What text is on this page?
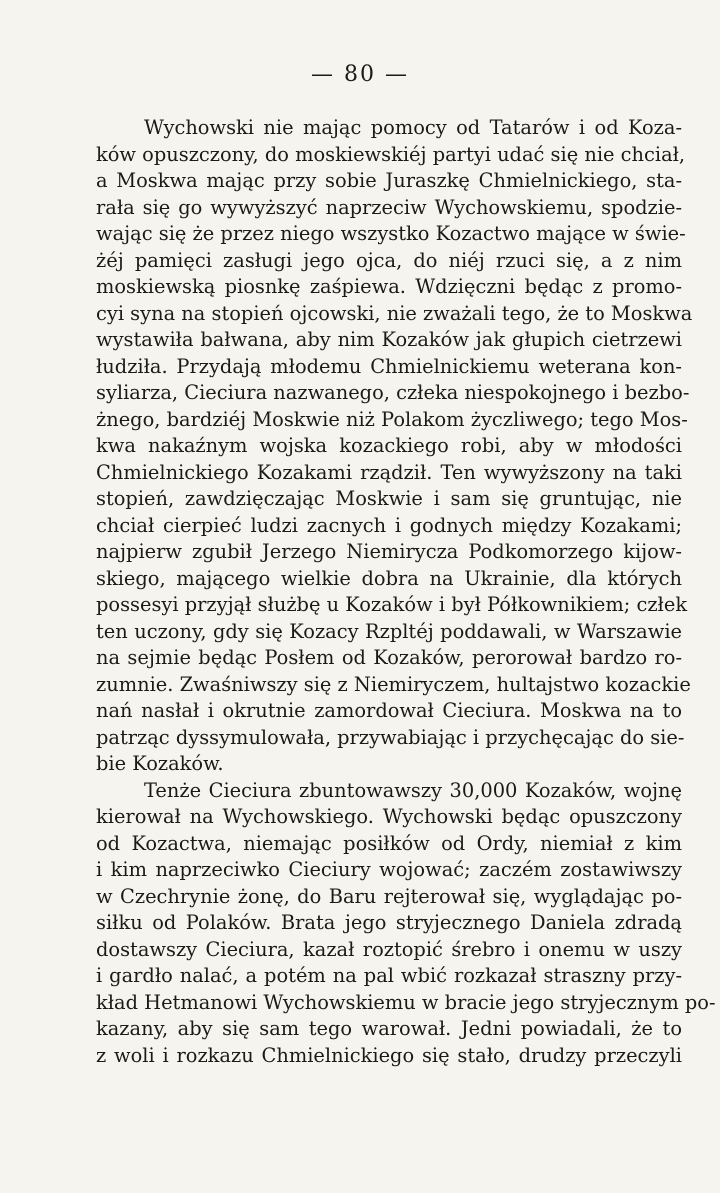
— 80 —
Wychowski nie mając pomocy od Tatarów i od Koza-
ków opuszczony, do moskiewskiéj partyi udać się nie chciał,
a Moskwa mając przy sobie Juraszkę Chmielnickiego, sta-
rała się go wywyższyć naprzeciw Wychowskiemu, spodzie-
wając się że przez niego wszystko Kozactwo mające w świe-
żéj pamięci zasługi jego ojca, do niéj rzuci się, a z nim
moskiewską piosnkę zaśpiewa. Wdzięczni będąc z promo-
cyi syna na stopień ojcowski, nie zważali tego, że to Moskwa
wystawiła bałwana, aby nim Kozaków jak głupich cietrzewi
łudziła. Przydają młodemu Chmielnickiemu weterana kon-
syliarza, Cieciura nazwanego, człeka niespokojnego i bezbo-
żnego, bardziéj Moskwie niż Polakom życzliwego; tego Mos-
kwa nakaźnym wojska kozackiego robi, aby w młodości
Chmielnickiego Kozakami rządził. Ten wywyższony na taki
stopień, zawdzięczając Moskwie i sam się gruntując, nie
chciał cierpieć ludzi zacnych i godnych między Kozakami;
najpierw zgubił Jerzego Niemirycza Podkomorzego kijow-
skiego, mającego wielkie dobra na Ukrainie, dla których
possesyi przyjął służbę u Kozaków i był Półkownikiem; człek
ten uczony, gdy się Kozacy Rzpltéj poddawali, w Warszawie
na sejmie będąc Posłem od Kozaków, perorował bardzo ro-
zumnie. Zwaśniwszy się z Niemiryczem, hultajstwo kozackie
nań nasłał i okrutnie zamordował Cieciura. Moskwa na to
patrząc dyssymulowała, przywabiając i przychęcając do sie-
bie Kozaków.
Tenże Cieciura zbuntowawszy 30,000 Kozaków, wojnę
kierował na Wychowskiego. Wychowski będąc opuszczony
od Kozactwa, niemając posiłków od Ordy, niemiał z kim
i kim naprzeciwko Cieciury wojować; zaczém zostawiwszy
w Czechrynie żonę, do Baru rejterował się, wyglądając po-
siłku od Polaków. Brata jego stryjecznego Daniela zdradą
dostawszy Cieciura, kazał roztopić śrebro i onemu w uszy
i gardło nalać, a potém na pal wbić rozkazał straszny przy-
kład Hetmanowi Wychowskiemu w bracie jego stryjecznym po-
kazany, aby się sam tego warował. Jedni powiadali, że to
z woli i rozkazu Chmielnickiego się stało, drudzy przeczyli
